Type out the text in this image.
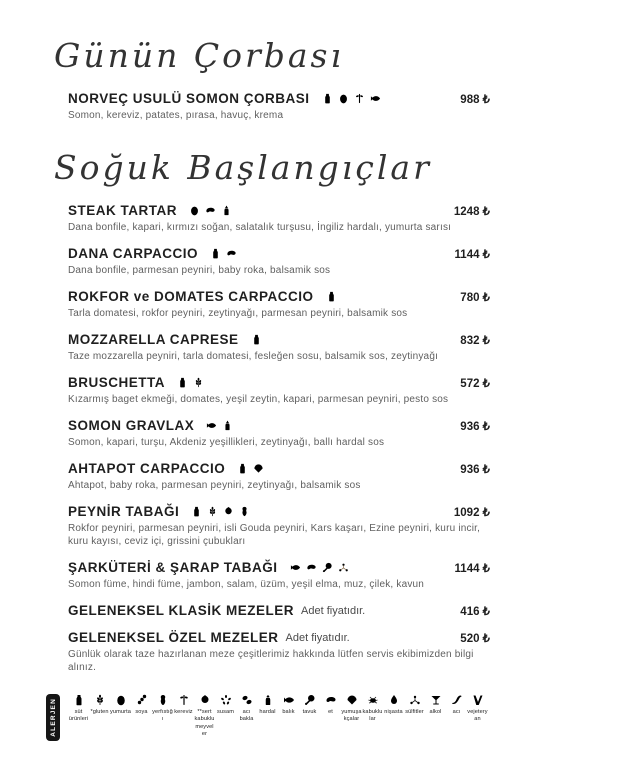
Günün Çorbası
NORVEÇ USULÜ SOMON ÇORBASI	988 ₺
Somon, kereviz, patates, pırasa, havuç, krema
Soğuk Başlangıçlar
STEAK TARTAR	1248 ₺
Dana bonfile, kapari, kırmızı soğan, salatalık turşusu, İngiliz hardalı, yumurta sarısı
DANA CARPACCIO	1144 ₺
Dana bonfile, parmesan peyniri, baby roka, balsamik sos
ROKFOR ve DOMATES CARPACCIO	780 ₺
Tarla domatesi, rokfor peyniri, zeytinyağı, parmesan peyniri, balsamik sos
MOZZARELLA CAPRESE	832 ₺
Taze mozzarella peyniri, tarla domatesi, fesleğen sosu, balsamik sos, zeytinyağı
BRUSCHETTA	572 ₺
Kızarmış baget ekmeği, domates, yeşil zeytin, kapari, parmesan peyniri, pesto sos
SOMON GRAVLAX	936 ₺
Somon, kapari, turşu, Akdeniz yeşillikleri, zeytinyağı, ballı hardal sos
AHTAPOT CARPACCIO	936 ₺
Ahtapot, baby roka, parmesan peyniri, zeytinyağı, balsamik sos
PEYNİR TABAĞI	1092 ₺
Rokfor peyniri, parmesan peyniri, isli Gouda peyniri, Kars kaşarı, Ezine peyniri, kuru incir, kuru kayısı, ceviz içi, grissini çubukları
ŞARKÜTERİ & ŞARAP TABAĞI	1144 ₺
Somon füme, hindi füme, jambon, salam, üzüm, yeşil elma, muz, çilek, kavun
GELENEKSEL KLASİK MEZELER Adet fiyatıdır.	416 ₺
GELENEKSEL ÖZEL MEZELER Adet fiyatıdır.	520 ₺
Günlük olarak taze hazırlanan meze çeşitlerimiz hakkında lütfen servis ekibimizden bilgi alınız.
ALERJEN	süt ürünleri
*gluten yumurta soya yerfıstığı
kereviz **sert kabuklu meyveler
susam	acı bakla
hardal balık tavuk et yumuşakçalar
kabuklular
nişasta sülfitler alkol acı vejeteryan
